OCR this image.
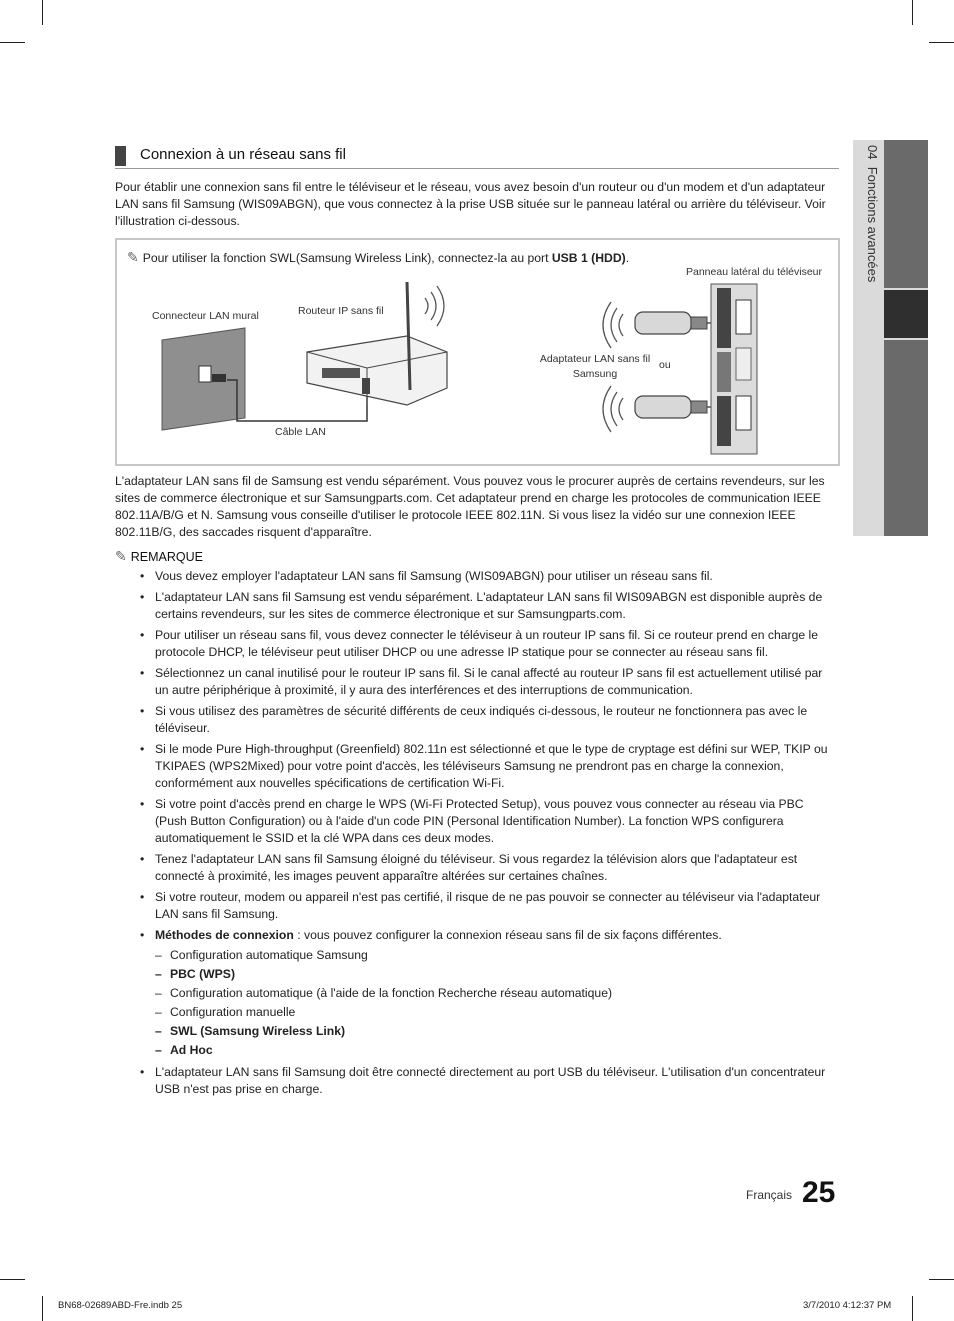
04  Fonctions avancées
Connexion à un réseau sans fil

Pour établir une connexion sans fil entre le téléviseur et le réseau, vous avez besoin d'un routeur ou d'un modem et d'un adaptateur LAN sans fil Samsung (WIS09ABGN), que vous connectez à la prise USB située sur le panneau latéral ou arrière du téléviseur. Voir l'illustration ci-dessous.

✎ Pour utiliser la fonction SWL(Samsung Wireless Link), connectez-la au port USB 1 (HDD).
Panneau latéral du téléviseur
Connecteur LAN mural	Routeur IP sans fil
Adaptateur LAN sans fil Samsung
ou
Câble LAN

L'adaptateur LAN sans fil de Samsung est vendu séparément. Vous pouvez vous le procurer auprès de certains revendeurs, sur les sites de commerce électronique et sur Samsungparts.com. Cet adaptateur prend en charge les protocoles de communication IEEE 802.11A/B/G et N. Samsung vous conseille d'utiliser le protocole IEEE 802.11N. Si vous lisez la vidéo sur une connexion IEEE 802.11B/G, des saccades risquent d'apparaître.

✎ REMARQUE
• Vous devez employer l'adaptateur LAN sans fil Samsung (WIS09ABGN) pour utiliser un réseau sans fil.
• L'adaptateur LAN sans fil Samsung est vendu séparément. L'adaptateur LAN sans fil WIS09ABGN est disponible auprès de certains revendeurs, sur les sites de commerce électronique et sur Samsungparts.com.
• Pour utiliser un réseau sans fil, vous devez connecter le téléviseur à un routeur IP sans fil. Si ce routeur prend en charge le protocole DHCP, le téléviseur peut utiliser DHCP ou une adresse IP statique pour se connecter au réseau sans fil.
• Sélectionnez un canal inutilisé pour le routeur IP sans fil. Si le canal affecté au routeur IP sans fil est actuellement utilisé par un autre périphérique à proximité, il y aura des interférences et des interruptions de communication.
• Si vous utilisez des paramètres de sécurité différents de ceux indiqués ci-dessous, le routeur ne fonctionnera pas avec le téléviseur.
• Si le mode Pure High-throughput (Greenfield) 802.11n est sélectionné et que le type de cryptage est défini sur WEP, TKIP ou TKIPAES (WPS2Mixed) pour votre point d'accès, les téléviseurs Samsung ne prendront pas en charge la connexion, conformément aux nouvelles spécifications de certification Wi-Fi.
• Si votre point d'accès prend en charge le WPS (Wi-Fi Protected Setup), vous pouvez vous connecter au réseau via PBC (Push Button Configuration) ou à l'aide d'un code PIN (Personal Identification Number). La fonction WPS configurera automatiquement le SSID et la clé WPA dans ces deux modes.
• Tenez l'adaptateur LAN sans fil Samsung éloigné du téléviseur. Si vous regardez la télévision alors que l'adaptateur est connecté à proximité, les images peuvent apparaître altérées sur certaines chaînes.
• Si votre routeur, modem ou appareil n'est pas certifié, il risque de ne pas pouvoir se connecter au téléviseur via l'adaptateur LAN sans fil Samsung.
• Méthodes de connexion : vous pouvez configurer la connexion réseau sans fil de six façons différentes.
– Configuration automatique Samsung
– PBC (WPS)
– Configuration automatique (à l'aide de la fonction Recherche réseau automatique)
– Configuration manuelle
– SWL (Samsung Wireless Link)
– Ad Hoc
• L'adaptateur LAN sans fil Samsung doit être connecté directement au port USB du téléviseur. L'utilisation d'un concentrateur USB n'est pas prise en charge.
Français 25
BN68-02689ABD-Fre.indb 25	3/7/2010 4:12:37 PM
